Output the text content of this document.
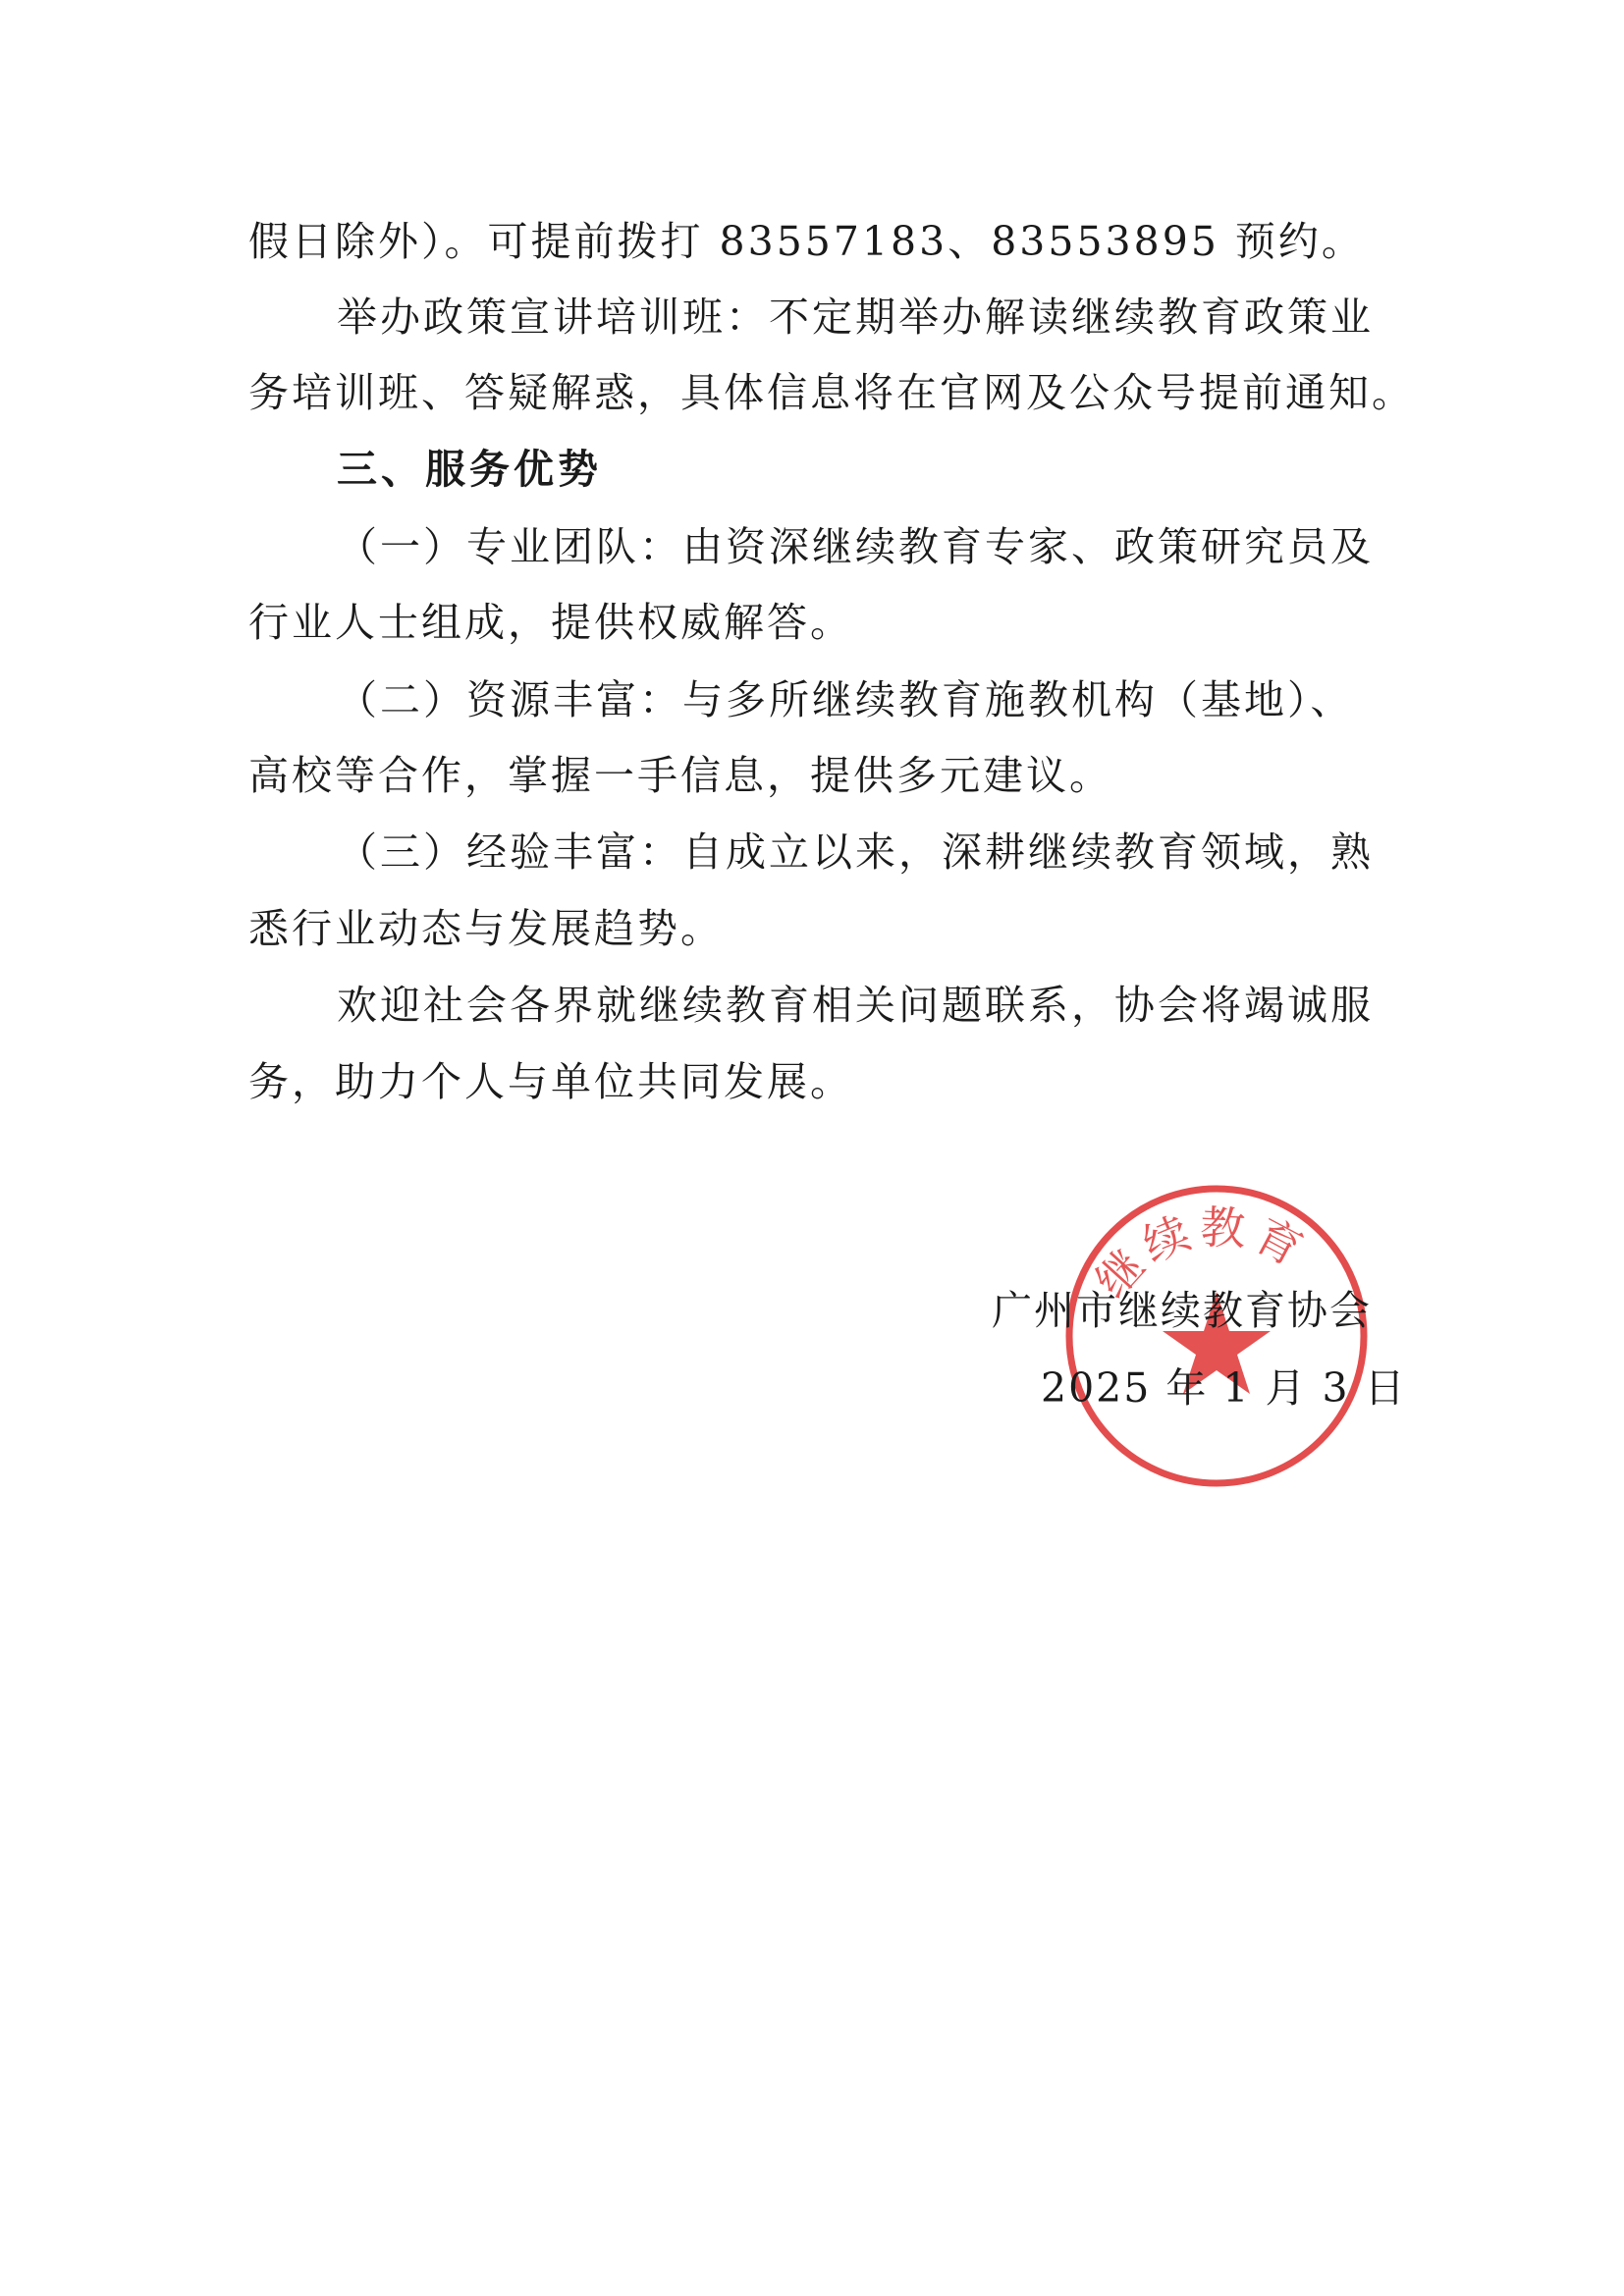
假日除外）。可提前拨打 83557183、83553895 预约。
举办政策宣讲培训班：不定期举办解读继续教育政策业
务培训班、答疑解惑，具体信息将在官网及公众号提前通知。
三、服务优势
（一）专业团队：由资深继续教育专家、政策研究员及
行业人士组成，提供权威解答。
（二）资源丰富：与多所继续教育施教机构（基地）、
高校等合作，掌握一手信息，提供多元建议。
（三）经验丰富：自成立以来，深耕继续教育领域，熟
悉行业动态与发展趋势。
欢迎社会各界就继续教育相关问题联系，协会将竭诚服
务，助力个人与单位共同发展。
继续教育
广州市继续教育协会
2025 年 1 月 3 日
